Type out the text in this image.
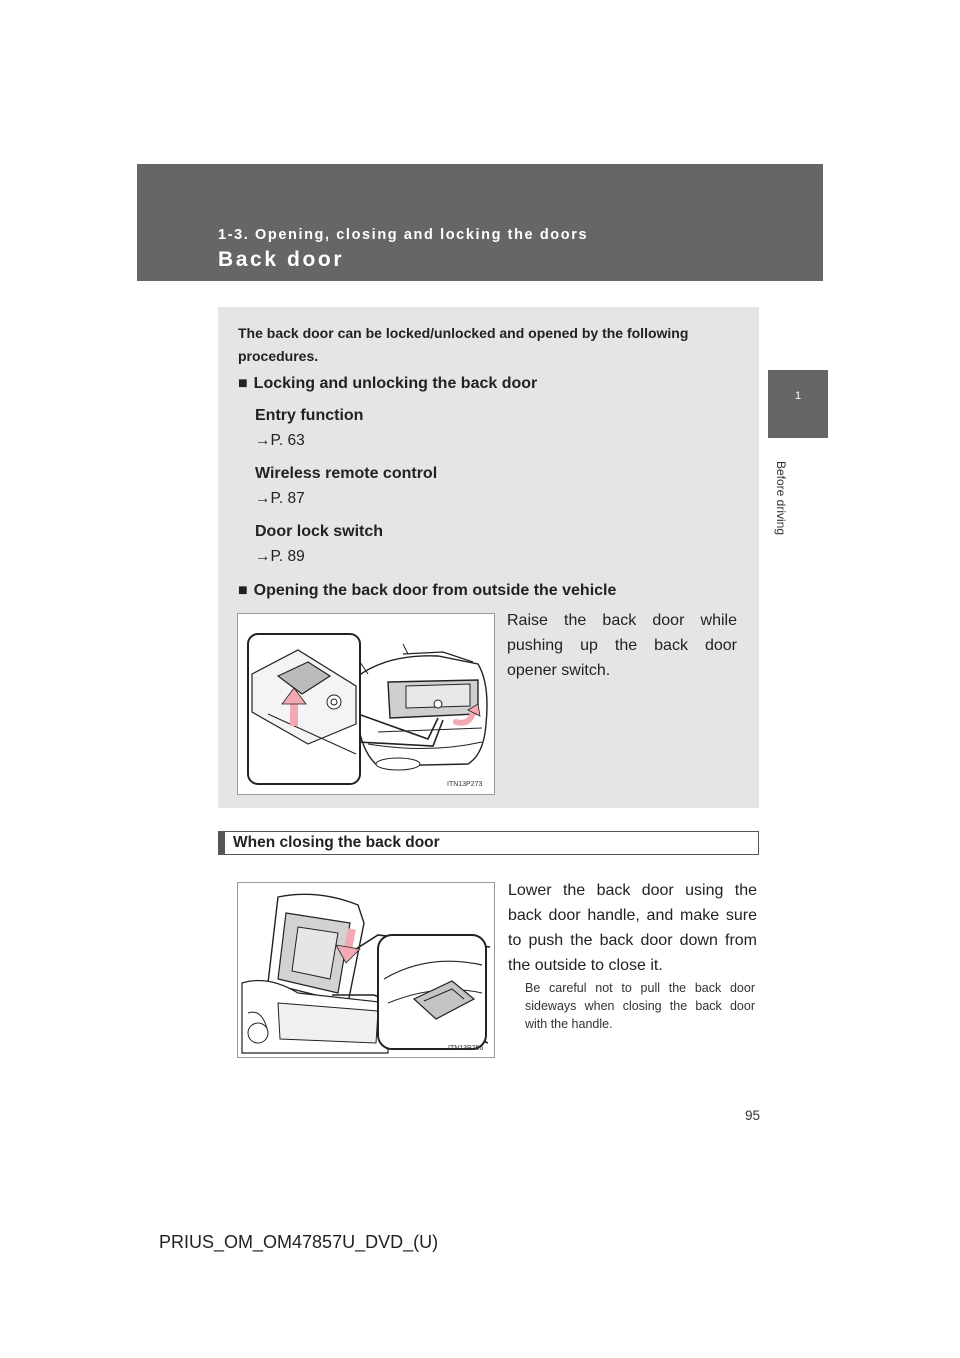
1-3. Opening, closing and locking the doors
Back door
1
Before driving
The back door can be locked/unlocked and opened by the following procedures.
■ Locking and unlocking the back door
Entry function
→P. 63
Wireless remote control
→P. 87
Door lock switch
→P. 89
■ Opening the back door from outside the vehicle
Raise the back door while pushing up the back door opener switch.
ITN13P273
When closing the back door
ITN13P256
Lower the back door using the back door handle, and make sure to push the back door down from the outside to close it.
Be careful not to pull the back door sideways when closing the back door with the handle.
95
PRIUS_OM_OM47857U_DVD_(U)
